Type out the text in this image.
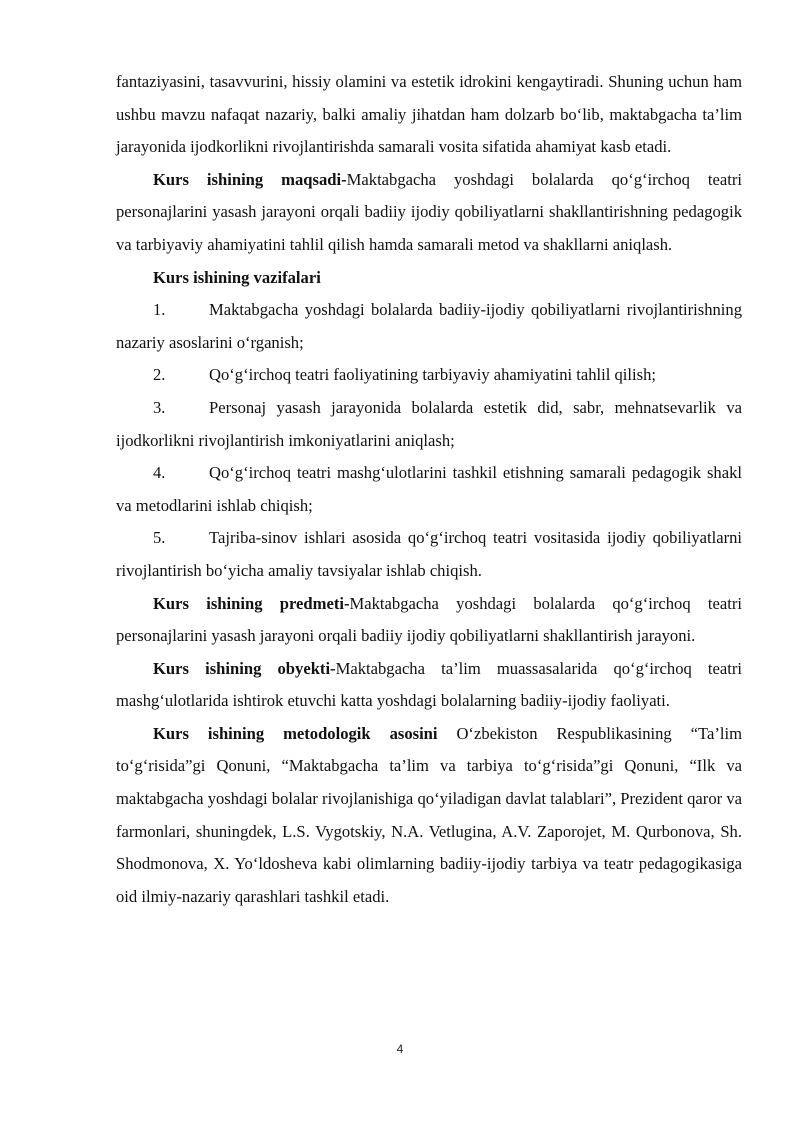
fantaziyasini, tasavvurini, hissiy olamini va estetik idrokini kengaytiradi. Shuning uchun ham ushbu mavzu nafaqat nazariy, balki amaliy jihatdan ham dolzarb bo‘lib, maktabgacha ta’lim jarayonida ijodkorlikni rivojlantirishda samarali vosita sifatida ahamiyat kasb etadi.

Kurs ishining maqsadi-Maktabgacha yoshdagi bolalarda qo‘g‘irchoq teatri personajlarini yasash jarayoni orqali badiiy ijodiy qobiliyatlarni shakllantirishning pedagogik va tarbiyaviy ahamiyatini tahlil qilish hamda samarali metod va shakllarni aniqlash.

Kurs ishining vazifalari

1.	Maktabgacha yoshdagi bolalarda badiiy-ijodiy qobiliyatlarni rivojlantirishning nazariy asoslarini o‘rganish;

2.	Qo‘g‘irchoq teatri faoliyatining tarbiyaviy ahamiyatini tahlil qilish;

3.	Personaj yasash jarayonida bolalarda estetik did, sabr, mehnatsevarlik va ijodkorlikni rivojlantirish imkoniyatlarini aniqlash;

4.	Qo‘g‘irchoq teatri mashg‘ulotlarini tashkil etishning samarali pedagogik shakl va metodlarini ishlab chiqish;

5.	Tajriba-sinov ishlari asosida qo‘g‘irchoq teatri vositasida ijodiy qobiliyatlarni rivojlantirish bo‘yicha amaliy tavsiyalar ishlab chiqish.

Kurs ishining predmeti-Maktabgacha yoshdagi bolalarda qo‘g‘irchoq teatri personajlarini yasash jarayoni orqali badiiy ijodiy qobiliyatlarni shakllantirish jarayoni.

Kurs ishining obyekti-Maktabgacha ta’lim muassasalarida qo‘g‘irchoq teatri mashg‘ulotlarida ishtirok etuvchi katta yoshdagi bolalarning badiiy-ijodiy faoliyati.

Kurs ishining metodologik asosini O‘zbekiston Respublikasining “Ta’lim to‘g‘risida”gi Qonuni, “Maktabgacha ta’lim va tarbiya to‘g‘risida”gi Qonuni, “Ilk va maktabgacha yoshdagi bolalar rivojlanishiga qo‘yiladigan davlat talablari”, Prezident qaror va farmonlari, shuningdek, L.S. Vygotskiy, N.A. Vetlugina, A.V. Zaporojet, M. Qurbonova, Sh. Shodmonova, X. Yo‘ldosheva kabi olimlarning badiiy-ijodiy tarbiya va teatr pedagogikasiga oid ilmiy-nazariy qarashlari tashkil etadi.

4
